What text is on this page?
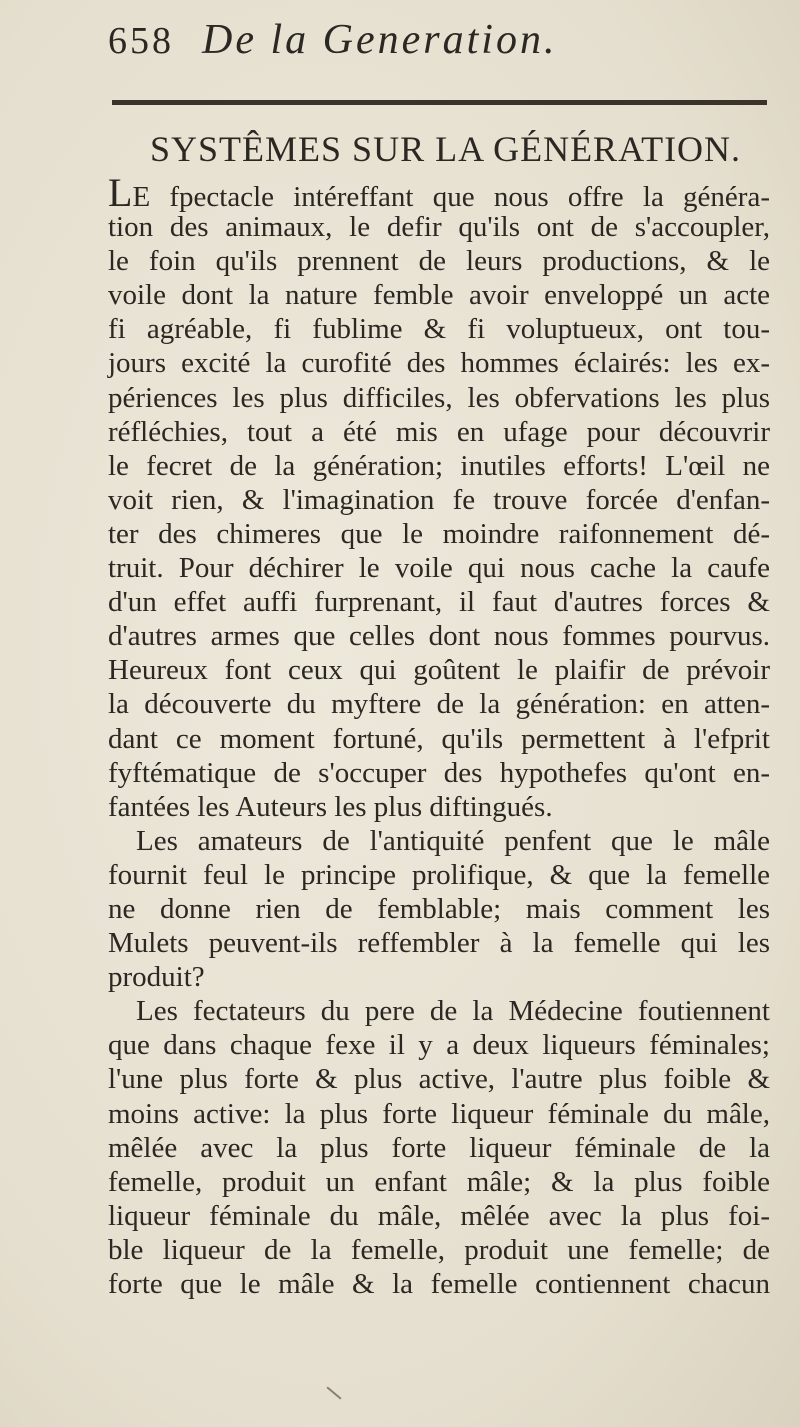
658 De la Generation.
SYSTÊMES SUR LA GÉNÉRATION.
LE fpectacle intéreffant que nous offre la généra-
tion des animaux, le defir qu'ils ont de s'accoupler,
le foin qu'ils prennent de leurs productions, & le
voile dont la nature femble avoir enveloppé un acte
fi agréable, fi fublime & fi voluptueux, ont tou-
jours excité la curofité des hommes éclairés: les ex-
périences les plus difficiles, les obfervations les plus
réfléchies, tout a été mis en ufage pour découvrir
le fecret de la génération; inutiles efforts! L'œil ne
voit rien, & l'imagination fe trouve forcée d'enfan-
ter des chimeres que le moindre raifonnement dé-
truit. Pour déchirer le voile qui nous cache la caufe
d'un effet auffi furprenant, il faut d'autres forces &
d'autres armes que celles dont nous fommes pourvus.
Heureux font ceux qui goûtent le plaifir de prévoir
la découverte du myftere de la génération: en atten-
dant ce moment fortuné, qu'ils permettent à l'efprit
fyftématique de s'occuper des hypothefes qu'ont en-
fantées les Auteurs les plus diftingués.
Les amateurs de l'antiquité penfent que le mâle
fournit feul le principe prolifique, & que la femelle
ne donne rien de femblable; mais comment les
Mulets peuvent-ils reffembler à la femelle qui les
produit?
Les fectateurs du pere de la Médecine foutiennent
que dans chaque fexe il y a deux liqueurs féminales;
l'une plus forte & plus active, l'autre plus foible &
moins active: la plus forte liqueur féminale du mâle,
mêlée avec la plus forte liqueur féminale de la
femelle, produit un enfant mâle; & la plus foible
liqueur féminale du mâle, mêlée avec la plus foi-
ble liqueur de la femelle, produit une femelle; de
forte que le mâle & la femelle contiennent chacun
